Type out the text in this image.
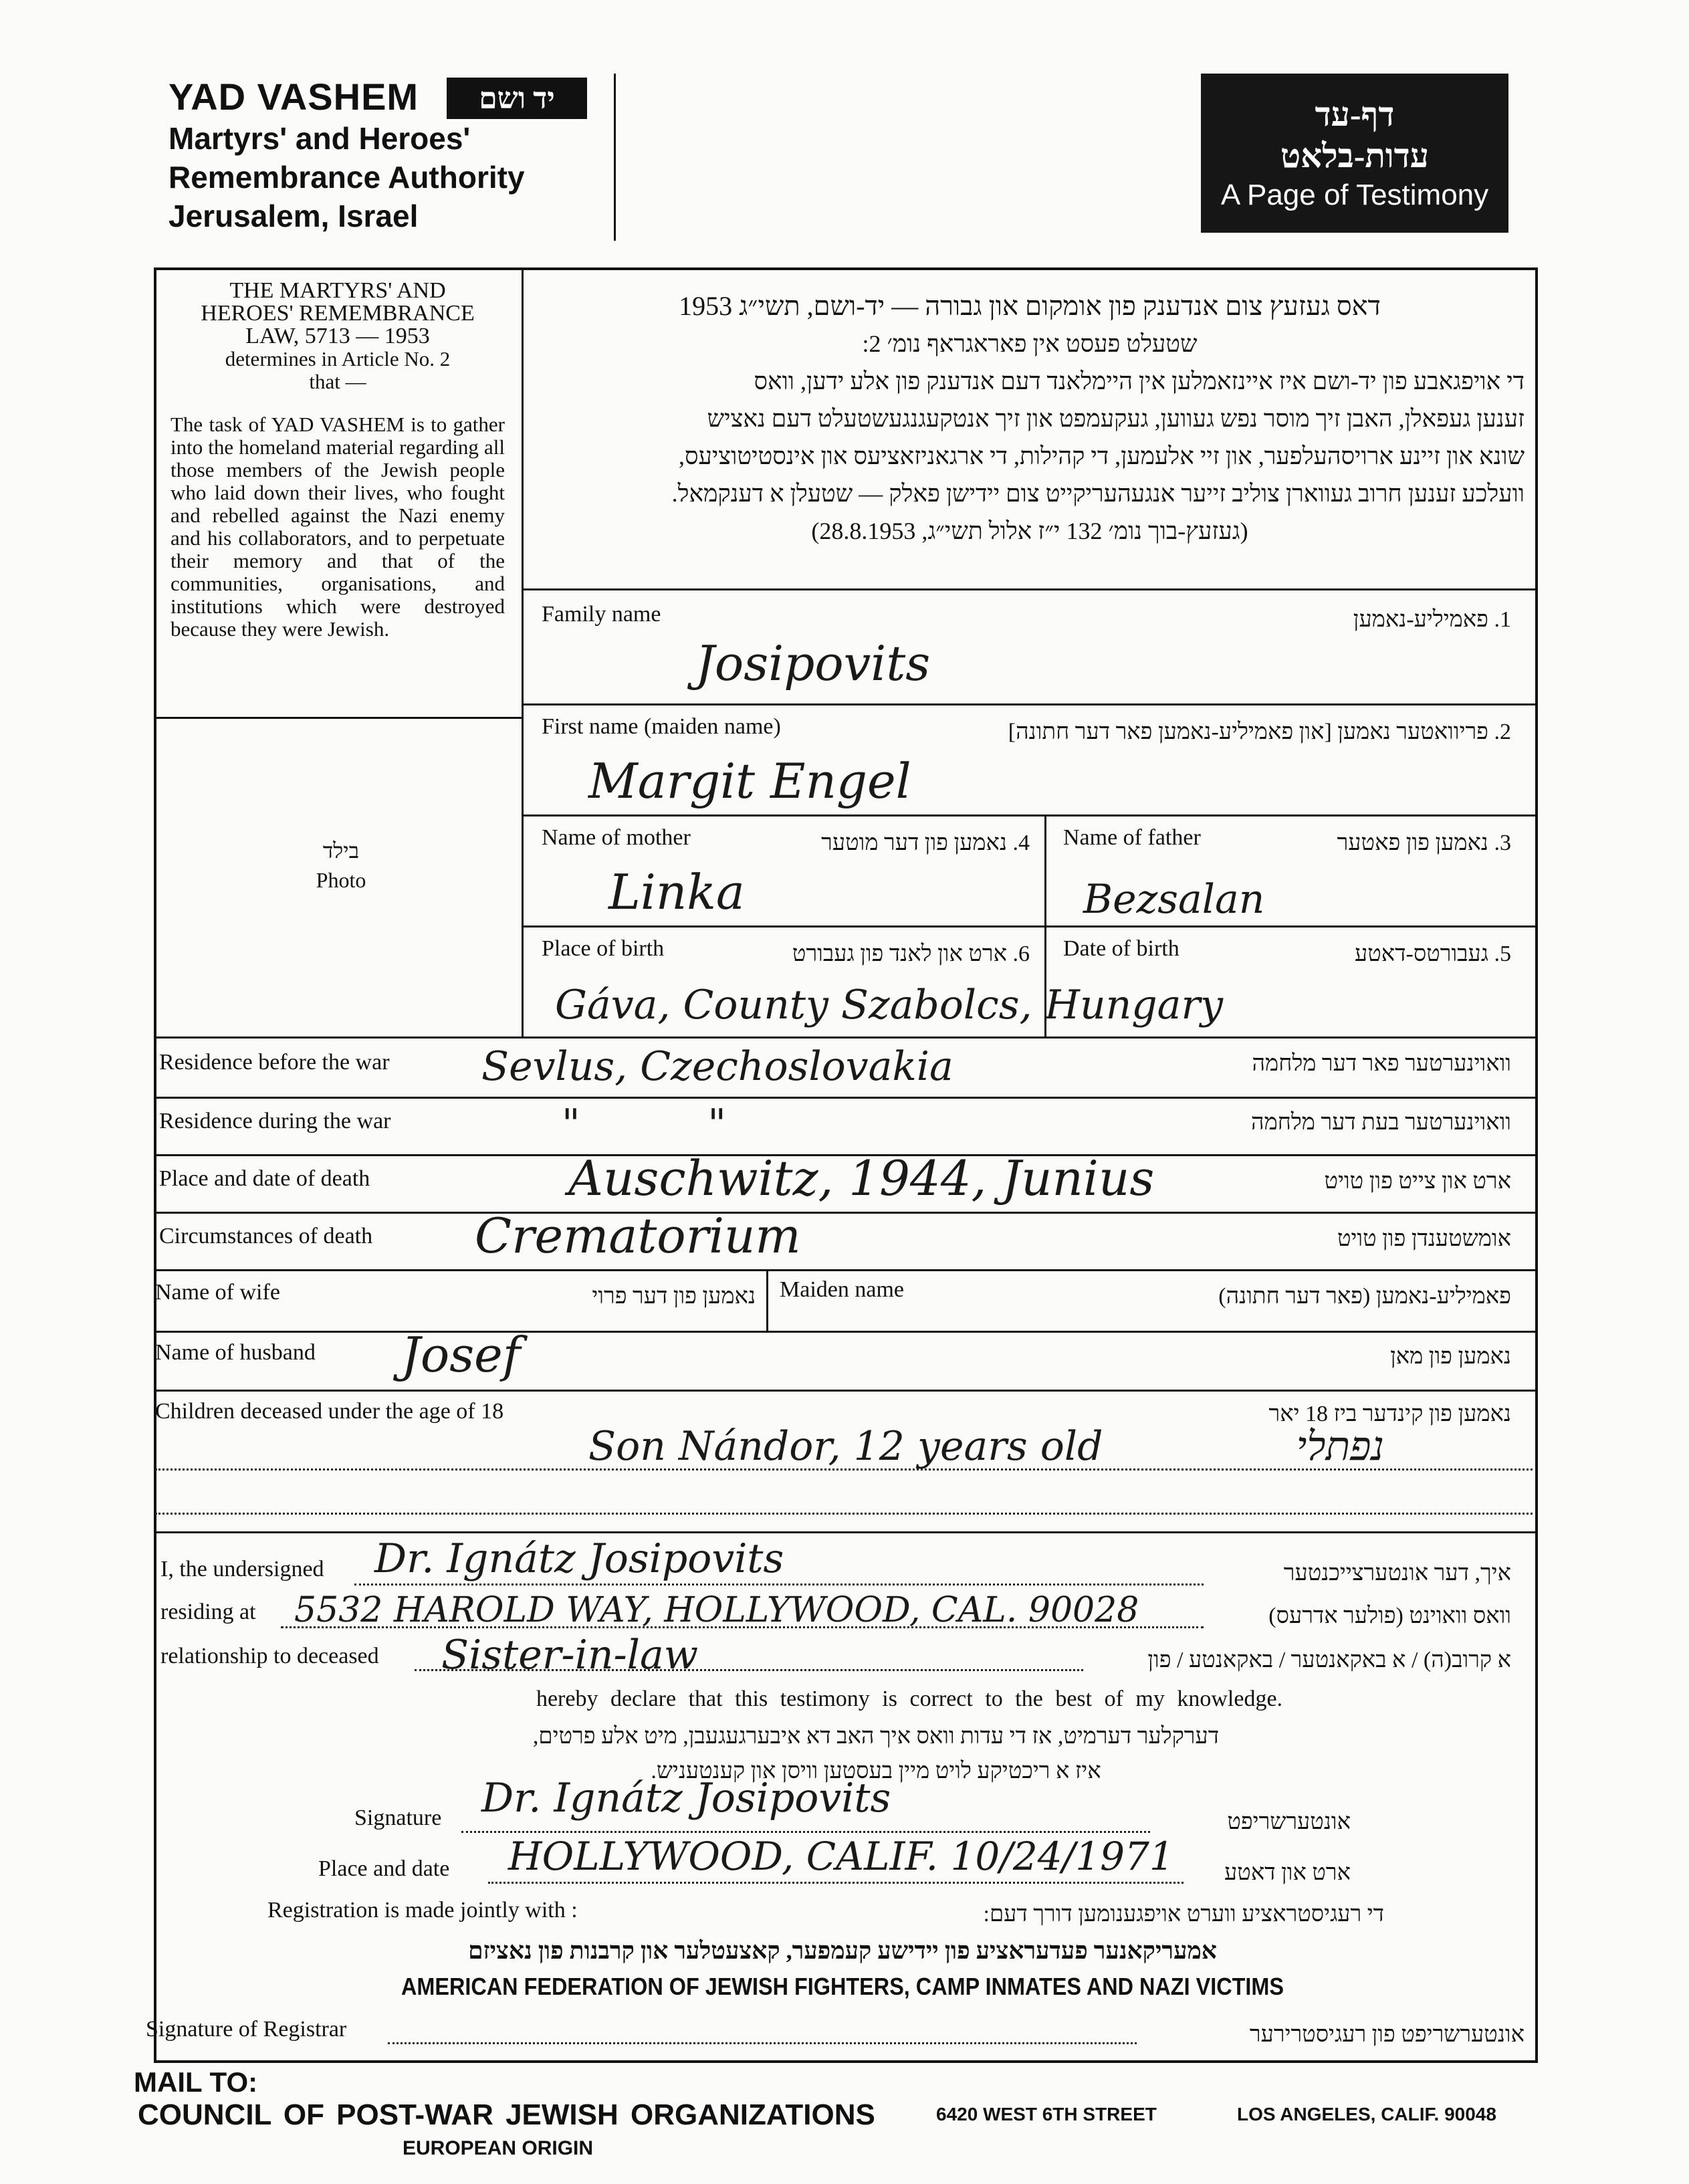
YAD VASHEM	יד ושם
Martyrs' and Heroes'
Remembrance Authority
Jerusalem, Israel
דף-עד
עדות-בלאט
A Page of Testimony
THE MARTYRS' AND
HEROES' REMEMBRANCE
LAW, 5713 — 1953
determines in Article No. 2
that —
The task of YAD VASHEM is to gather into the homeland material regarding all those members of the Jewish people who laid down their lives, who fought and rebelled against the Nazi enemy and his collaborators, and to perpetuate their memory and that of the communities, organisations, and institutions which were destroyed because they were Jewish.
בילד
Photo
דאס געזעץ צום אנדענק פון אומקום און גבורה — יד-ושם, תשי״ג 1953
שטעלט פעסט אין פאראגראף נומ׳ 2:
די אויפגאבע פון יד-ושם איז איינזאמלען אין היימלאנד דעם אנדענק פון אלע ידען, וואס
זענען געפאלן, האבן זיך מוסר נפש געווען, געקעמפט און זיך אנטקעגנגעשטעלט דעם נאציש
שונא און זיינע ארויסהעלפער, און זיי אלעמען, די קהילות, די ארגאניזאציעס און אינסטיטוציעס,
וועלכע זענען חרוב געווארן צוליב זייער אנגעהעריקייט צום יידישן פאלק — שטעלן א דענקמאל.
(געזעץ-בוך נומ׳ 132 י״ז אלול תשי״ג, 28.8.1953)
Family name	1. פאמיליע-נאמען
Josipovits
First name (maiden name)	2. פריוואטער נאמען [און פאמיליע-נאמען פאר דער חתונה]
Margit Engel
Name of mother	4. נאמען פון דער מוטער
Linka
Name of father	3. נאמען פון פאטער
Bezsalan
Place of birth	6. ארט און לאנד פון געבורט
Gáva, County Szabolcs, Hungary
Date of birth	5. געבורטס-דאטע
Residence before the war	וואוינערטער פאר דער מלחמה
Sevlus, Czechoslovakia
Residence during the war	וואוינערטער בעת דער מלחמה
"          "
Place and date of death	ארט און צייט פון טויט
Auschwitz, 1944, Junius
Circumstances of death	אומשטענדן פון טויט
Crematorium
Name of wife	נאמען פון דער פרוי Maiden name	פאמיליע-נאמען (פאר דער חתונה)
Name of husband	נאמען פון מאן
Josef
Children deceased under the age of 18	נאמען פון קינדער ביז 18 יאר
Son Nándor, 12 years old	נפתלי
I, the undersigned Dr. Ignátz Josipovits	איך, דער אונטערצייכנטער
residing at 5532 HAROLD WAY, HOLLYWOOD, CAL. 90028	וואס וואוינט (פולער אדרעס)
relationship to deceased Sister-in-law	א קרוב(ה) / א באקאנטער / באקאנטע / פון
hereby declare that this testimony is correct to the best of my knowledge.
דערקלער דערמיט, אז די עדות וואס איך האב דא איבערגעגעבן, מיט אלע פרטים,
איז א ריכטיקע לויט מיין בעסטען וויסן און קענטעניש.
Signature Dr. Ignátz Josipovits
אונטערשריפט
Place and date HOLLYWOOD, CALIF. 10/24/1971	ארט און דאטע
Registration is made jointly with :	די רעגיסטראציע ווערט אויפגענומען דורך דעם:
אמעריקאנער פעדעראציע פון יידישע קעמפער, קאצעטלער און קרבנות פון נאציזם
AMERICAN FEDERATION OF JEWISH FIGHTERS, CAMP INMATES AND NAZI VICTIMS
Signature of Registrar	אונטערשריפט פון רעגיסטרירער
MAIL TO:
COUNCIL OF POST-WAR JEWISH ORGANIZATIONS	6420 WEST 6TH STREET	LOS ANGELES, CALIF. 90048
EUROPEAN ORIGIN
